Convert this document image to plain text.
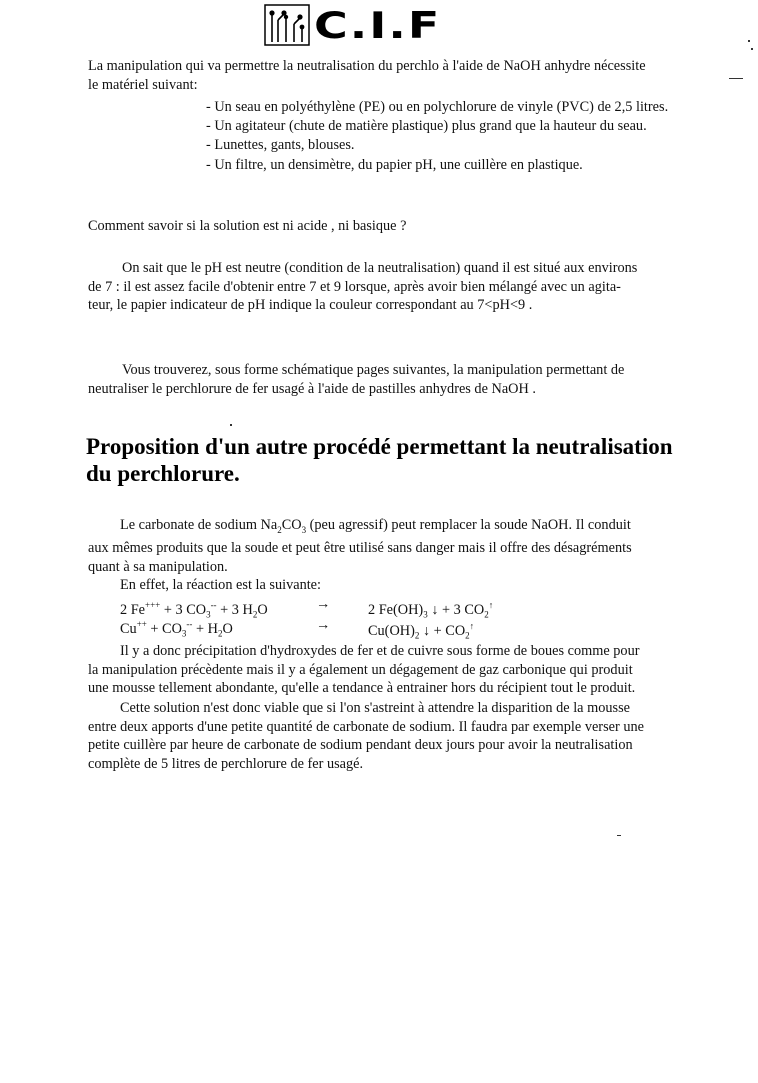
C.I.F
La manipulation qui va permettre la neutralisation du perchlo à l'aide de NaOH anhydre nécessite
le matériel suivant:
- Un seau en polyéthylène (PE) ou en polychlorure de vinyle (PVC) de 2,5 litres.
- Un agitateur (chute de matière plastique) plus grand que la hauteur du seau.
- Lunettes, gants, blouses.
- Un filtre, un densimètre, du papier pH, une cuillère en plastique.
Comment savoir si la solution est ni acide , ni basique ?
On sait que le pH est neutre (condition de la neutralisation) quand il est situé aux environs
de 7 : il est assez facile d'obtenir entre 7 et 9 lorsque, après avoir bien mélangé avec un agita-
teur, le papier indicateur de pH indique la couleur correspondant au 7<pH<9 .
Vous trouverez, sous forme schématique pages suivantes, la manipulation permettant de
neutraliser le perchlorure de fer usagé à l'aide de pastilles anhydres de NaOH .
Proposition d'un autre procédé permettant la neutralisation
du perchlorure.
Le carbonate de sodium $Na_2CO_3$ (peu agressif) peut remplacer la soude NaOH. Il conduit
aux mêmes produits que la soude et peut être utilisé sans danger mais il offre des désagréments
quant à sa manipulation.
En effet, la réaction est la suivante:
2 Fe+++ + 3 $CO_3^{--} + 3$ $H_2O$	→	2 $Fe(OH)_3$ ↓ + 3 $CO_2^↑$
$Cu^{++} + CO_3^{--} + H_2O$	→	$Cu(OH)_2$ ↓ + $CO_2^↑$
Il y a donc précipitation d'hydroxydes de fer et de cuivre sous forme de boues comme pour
la manipulation précèdente mais il y a également un dégagement de gaz carbonique qui produit
une mousse tellement abondante, qu'elle a tendance à entrainer hors du récipient tout le produit.
Cette solution n'est donc viable que si l'on s'astreint à attendre la disparition de la mousse
entre deux apports d'une petite quantité de carbonate de sodium. Il faudra par exemple verser une
petite cuillère par heure de carbonate de sodium pendant deux jours pour avoir la neutralisation
complète de 5 litres de perchlorure de fer usagé.
